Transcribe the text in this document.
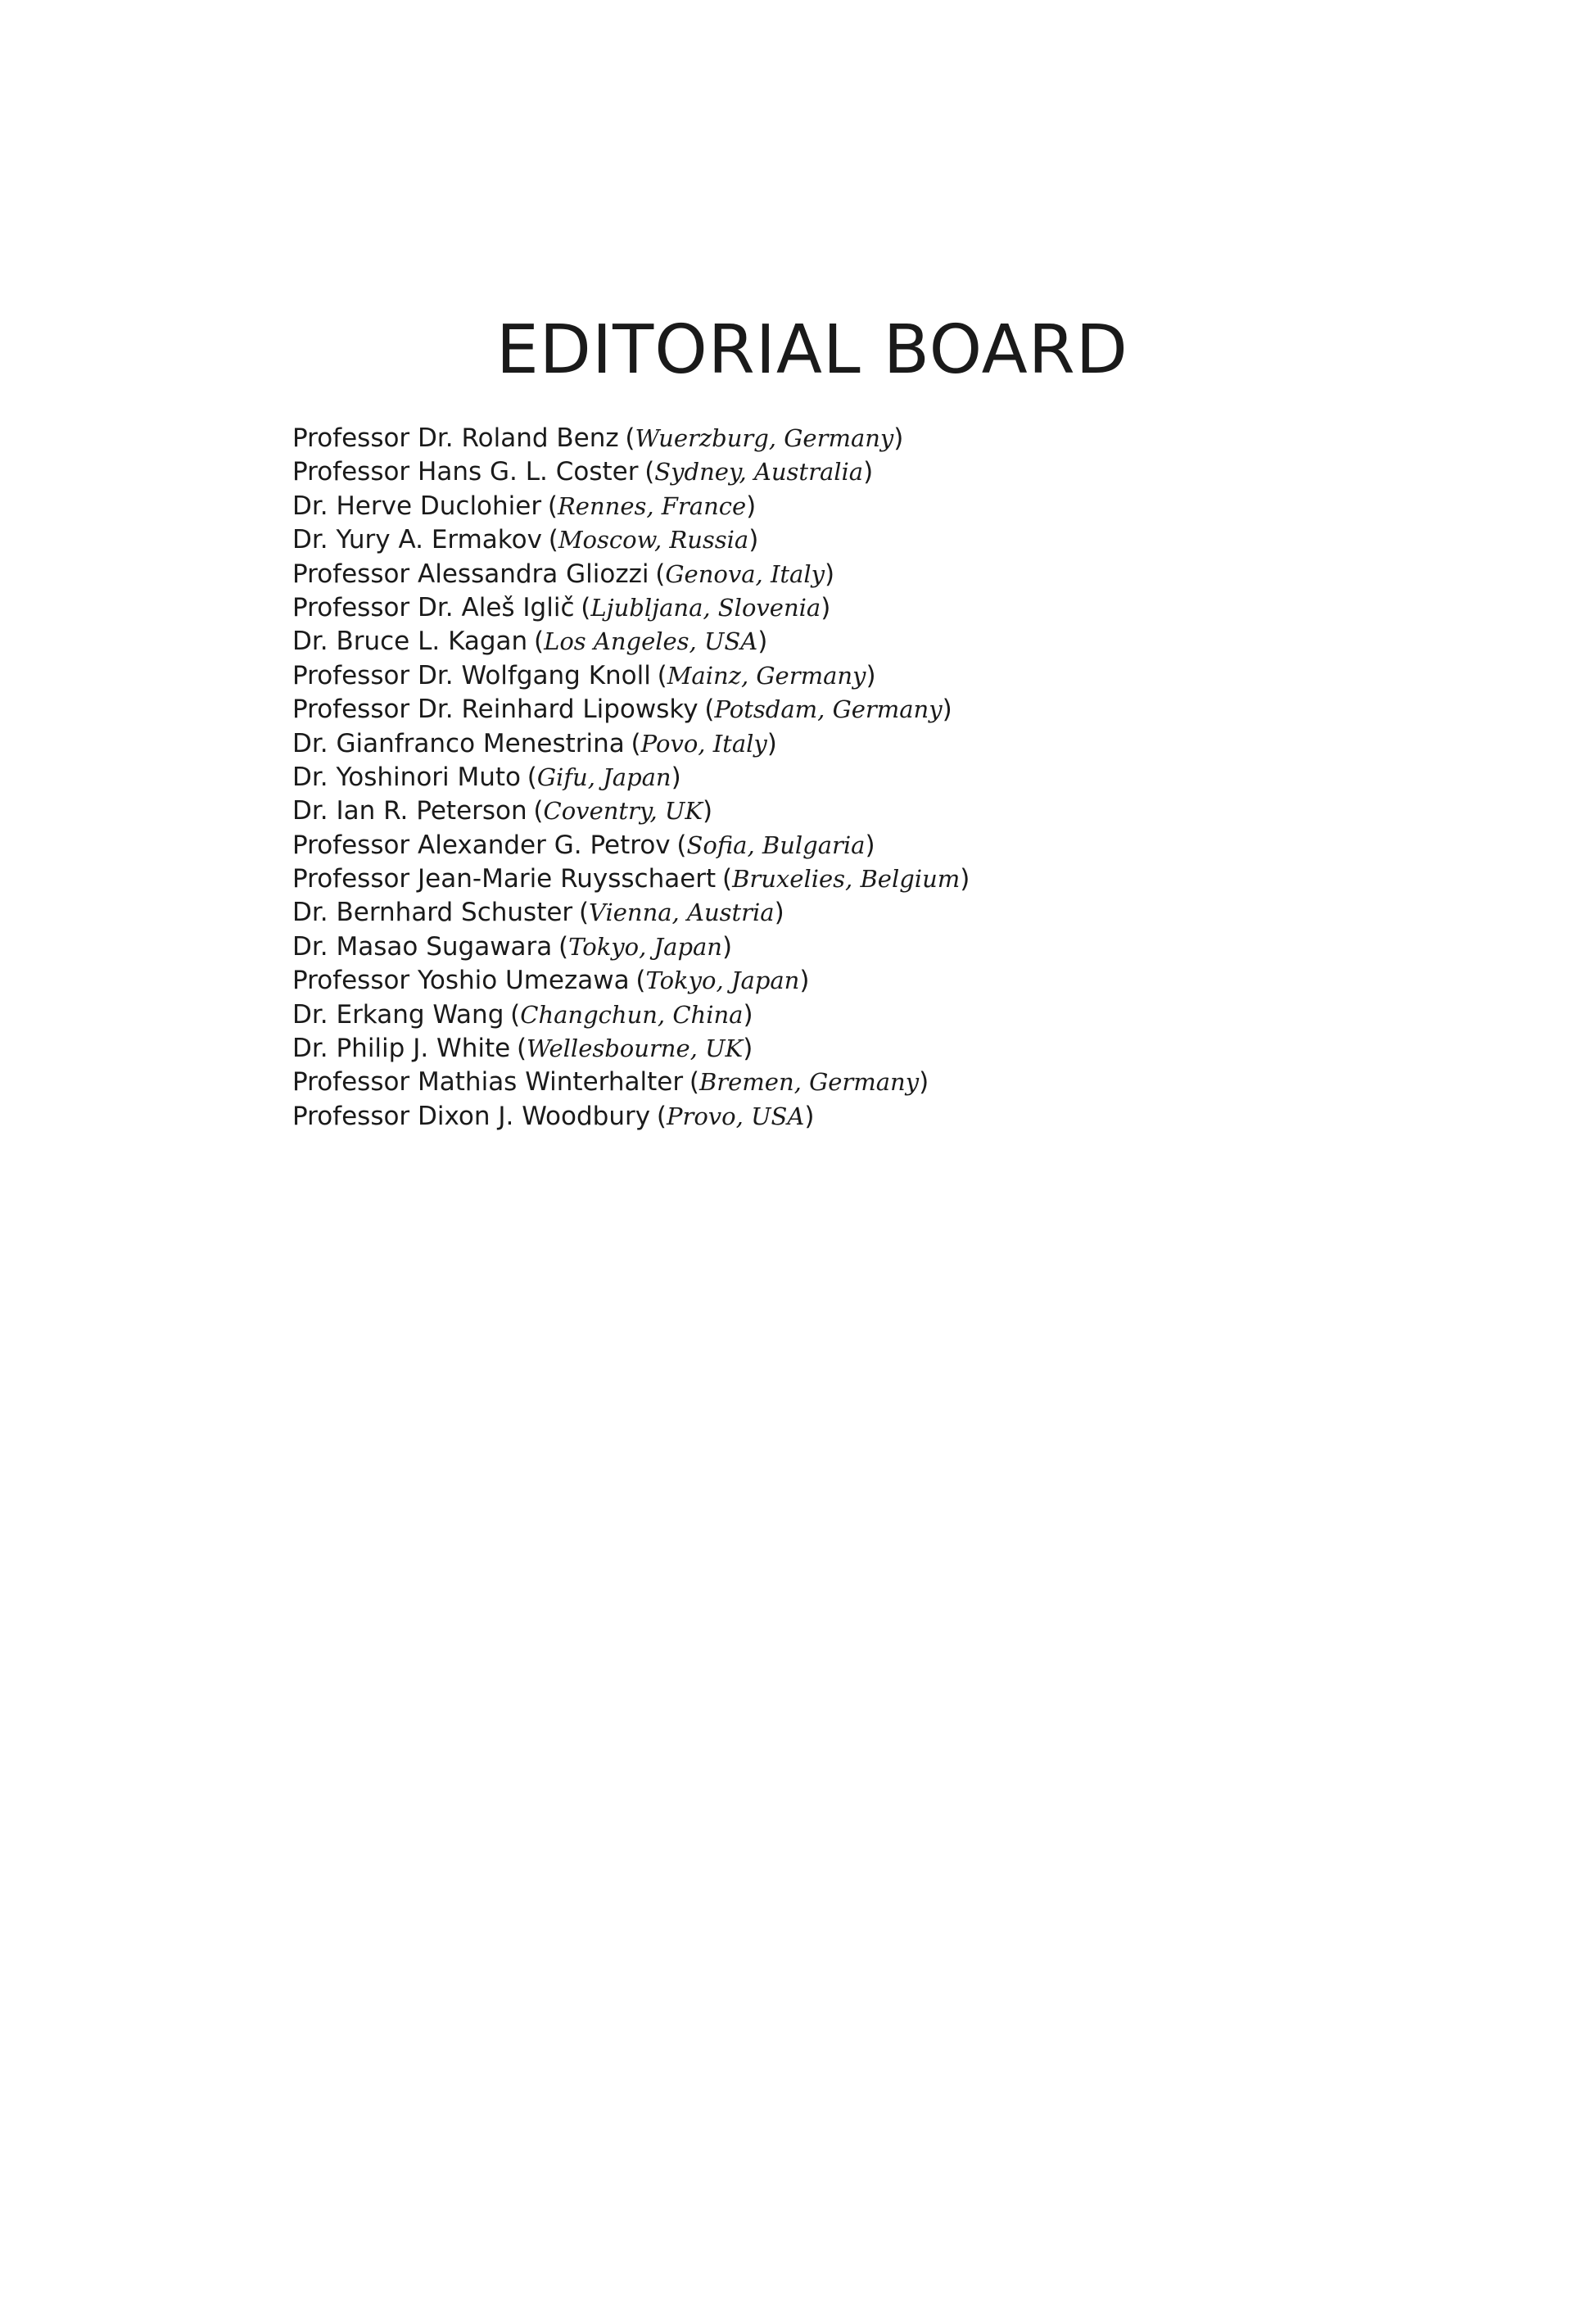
EDITORIAL BOARD
Professor Dr. Roland Benz (Wuerzburg, Germany)
Professor Hans G. L. Coster (Sydney, Australia)
Dr. Herve Duclohier (Rennes, France)
Dr. Yury A. Ermakov (Moscow, Russia)
Professor Alessandra Gliozzi (Genova, Italy)
Professor Dr. Aleš Iglič (Ljubljana, Slovenia)
Dr. Bruce L. Kagan (Los Angeles, USA)
Professor Dr. Wolfgang Knoll (Mainz, Germany)
Professor Dr. Reinhard Lipowsky (Potsdam, Germany)
Dr. Gianfranco Menestrina (Povo, Italy)
Dr. Yoshinori Muto (Gifu, Japan)
Dr. Ian R. Peterson (Coventry, UK)
Professor Alexander G. Petrov (Sofia, Bulgaria)
Professor Jean-Marie Ruysschaert (Bruxelies, Belgium)
Dr. Bernhard Schuster (Vienna, Austria)
Dr. Masao Sugawara (Tokyo, Japan)
Professor Yoshio Umezawa (Tokyo, Japan)
Dr. Erkang Wang (Changchun, China)
Dr. Philip J. White (Wellesbourne, UK)
Professor Mathias Winterhalter (Bremen, Germany)
Professor Dixon J. Woodbury (Provo, USA)
